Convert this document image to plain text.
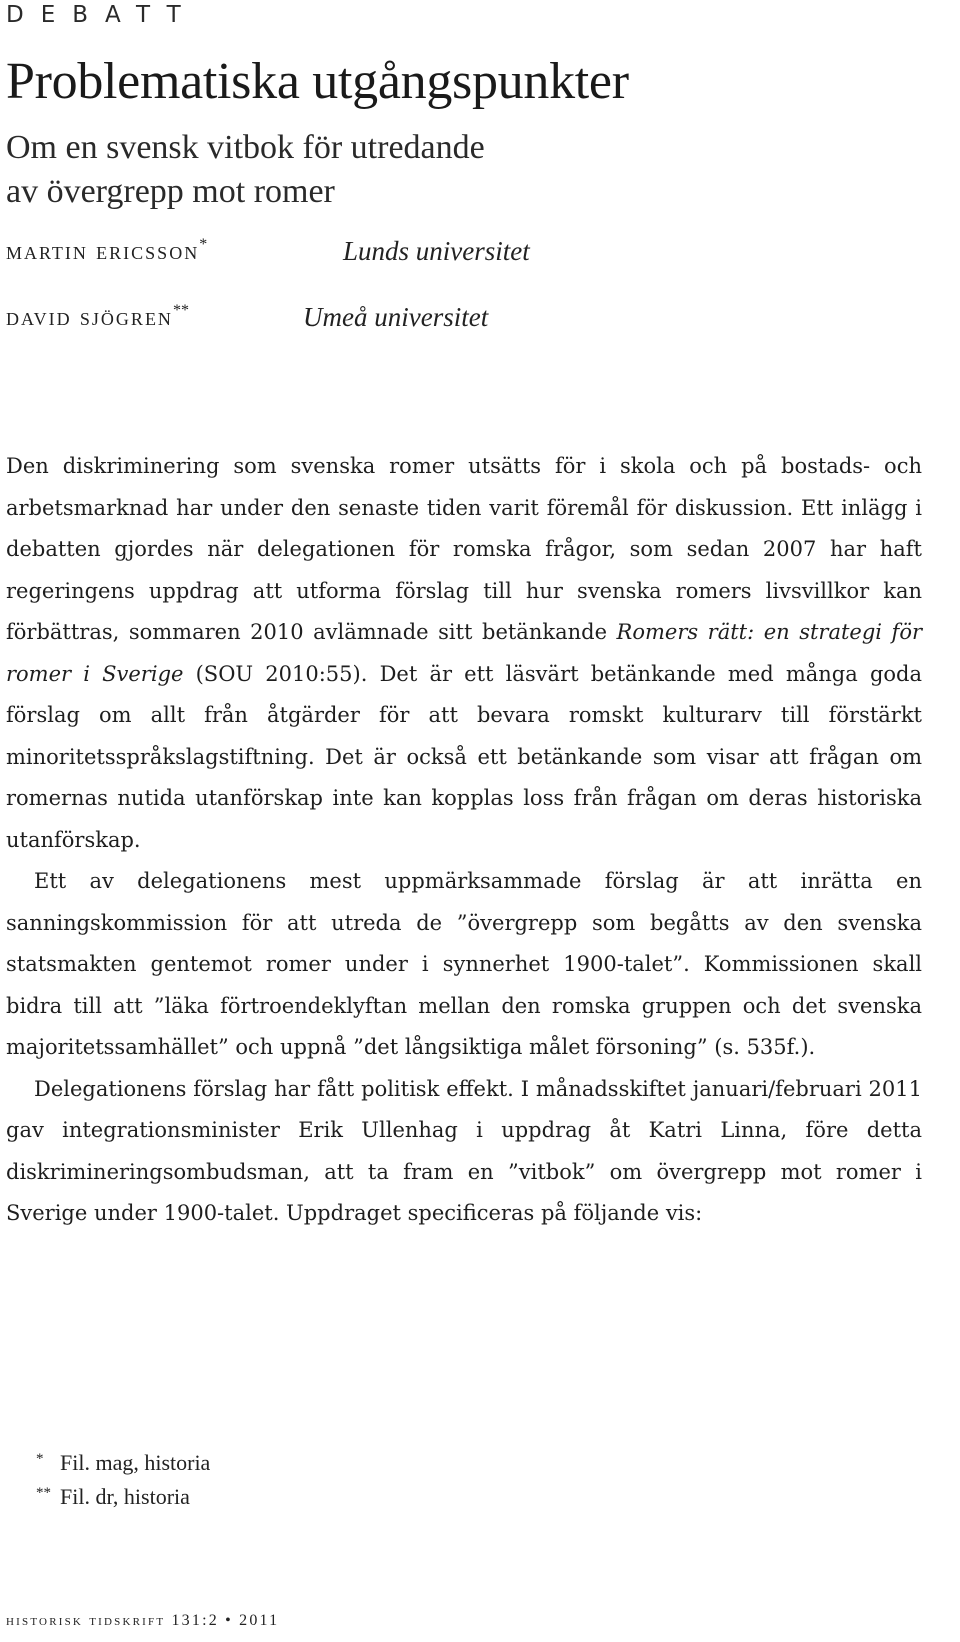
DEBATT
Problematiska utgångspunkter
Om en svensk vitbok för utredande
av övergrepp mot romer
martin ericsson*	Lunds universitet
david sjögren**	Umeå universitet

Den diskriminering som svenska romer utsätts för i skola och på bostads- och arbetsmarknad har under den senaste tiden varit föremål för diskussion. Ett inlägg i debatten gjordes när delegationen för romska frågor, som sedan 2007 har haft regeringens uppdrag att utforma förslag till hur svenska romers livsvillkor kan förbättras, sommaren 2010 avlämnade sitt betänkande Romers rätt: en strategi för romer i Sverige (SOU 2010:55). Det är ett läsvärt betänkande med många goda förslag om allt från åtgärder för att bevara romskt kulturarv till förstärkt minoritetsspråkslagstiftning. Det är också ett betänkande som visar att frågan om romernas nutida utanförskap inte kan kopplas loss från frågan om deras historiska utanförskap.

Ett av delegationens mest uppmärksammade förslag är att inrätta en sanningskommission för att utreda de ”övergrepp som begåtts av den svenska statsmakten gentemot romer under i synnerhet 1900-talet”. Kommissionen skall bidra till att ”läka förtroendeklyftan mellan den romska gruppen och det svenska majoritetssamhället” och uppnå ”det långsiktiga målet försoning” (s. 535f.).

Delegationens förslag har fått politisk effekt. I månadsskiftet januari/februari 2011 gav integrationsminister Erik Ullenhag i uppdrag åt Katri Linna, före detta diskrimineringsombudsman, att ta fram en ”vitbok” om övergrepp mot romer i Sverige under 1900-talet. Uppdraget specificeras på följande vis:

* Fil. mag, historia
** Fil. dr, historia
historisk tidskrift 131:2 • 2011
